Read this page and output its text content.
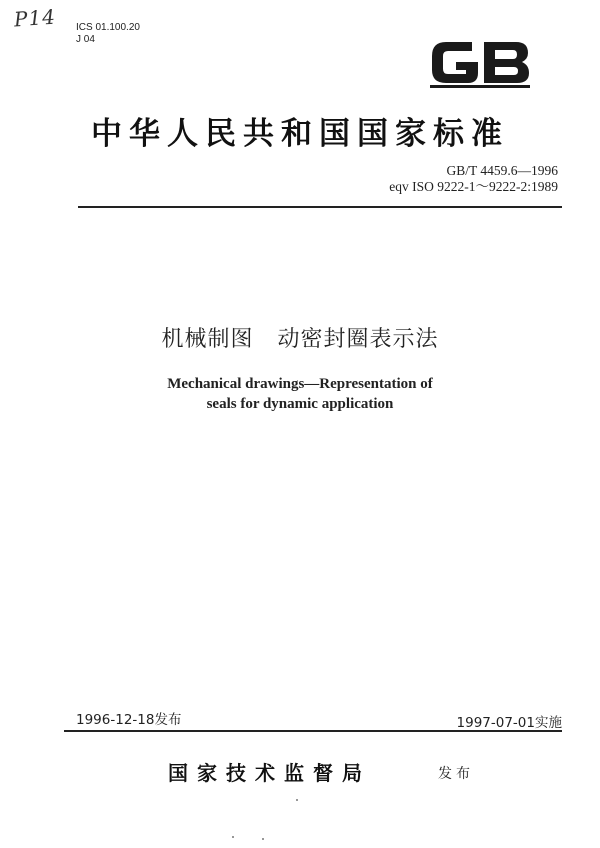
P14 ICS 01.100.20
J 04
中华人民共和国国家标准
GB/T 4459.6—1996
eqv ISO 9222-1～9222-2:1989
机械制图 动密封圈表示法
Mechanical drawings—Representation of
seals for dynamic application
1996-12-18发布	1997-07-01实施
国家技术监督局	发布
